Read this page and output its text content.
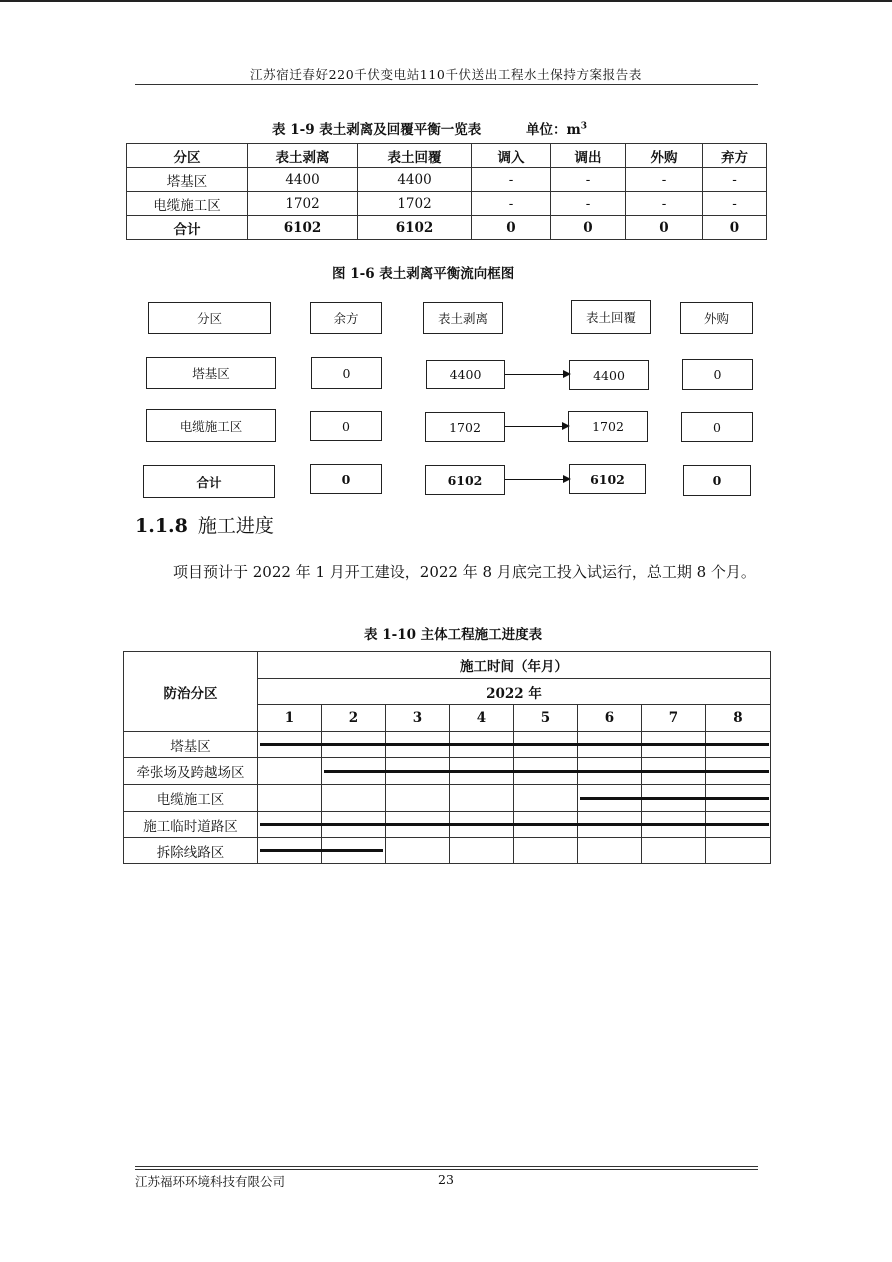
江苏宿迁春好220千伏变电站110千伏送出工程水土保持方案报告表
表 1-9 表土剥离及回覆平衡一览表	单位：$m^3$
分区	表土剥离	表土回覆	调入	调出	外购	弃方
塔基区	4400	4400	-	-	-	-
电缆施工区	1702	1702	-	-	-	-
合计	6102	6102	0	0	0	0
图 1-6 表土剥离平衡流向框图
分区	余方	表土剥离	表土回覆	外购
塔基区	0	4400	4400	0
电缆施工区	0	1702	1702	0
合计	0	6102	6102	0
1.1.8 施工进度
项目预计于 2022 年 1 月开工建设，2022 年 8 月底完工投入试运行，总工期 8 个月。
表 1-10 主体工程施工进度表
防治分区	施工时间（年月）							
	2022 年							
	1	2	3	4	5	6	7	8
塔基区								
牵张场及跨越场区								
电缆施工区								
施工临时道路区								
拆除线路区								
江苏福环环境科技有限公司	23
